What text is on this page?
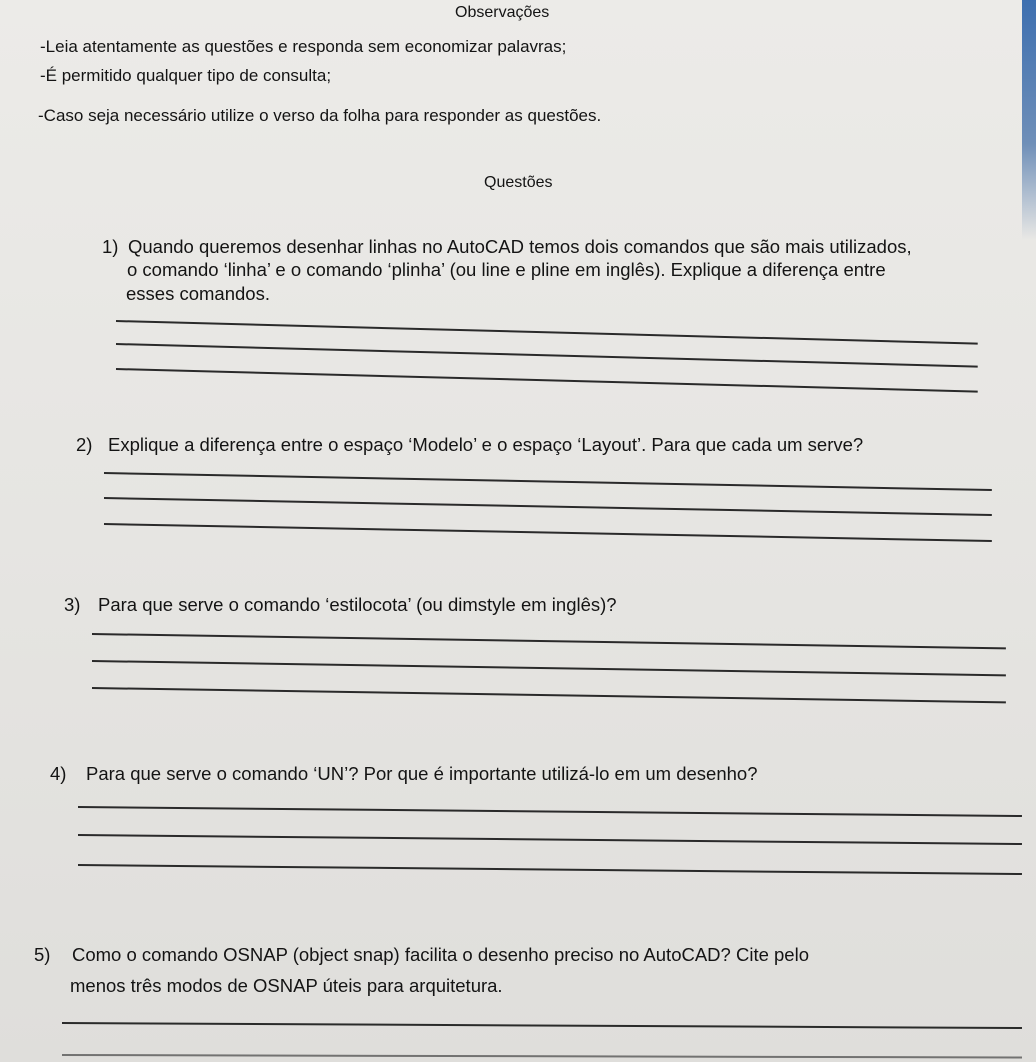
Observações

-Leia atentamente as questões e responda sem economizar palavras;

-É permitido qualquer tipo de consulta;

-Caso seja necessário utilize o verso da folha para responder as questões.

Questões

1) Quando queremos desenhar linhas no AutoCAD temos dois comandos que são mais utilizados,

o comando ‘linha’ e o comando ‘plinha’ (ou line e pline em inglês). Explique a diferença entre

esses comandos.

2) Explique a diferença entre o espaço ‘Modelo’ e o espaço ‘Layout’. Para que cada um serve?

3) Para que serve o comando ‘estilocota’ (ou dimstyle em inglês)?

4) Para que serve o comando ‘UN’? Por que é importante utilizá-lo em um desenho?

5) Como o comando OSNAP (object snap) facilita o desenho preciso no AutoCAD? Cite pelo

menos três modos de OSNAP úteis para arquitetura.
